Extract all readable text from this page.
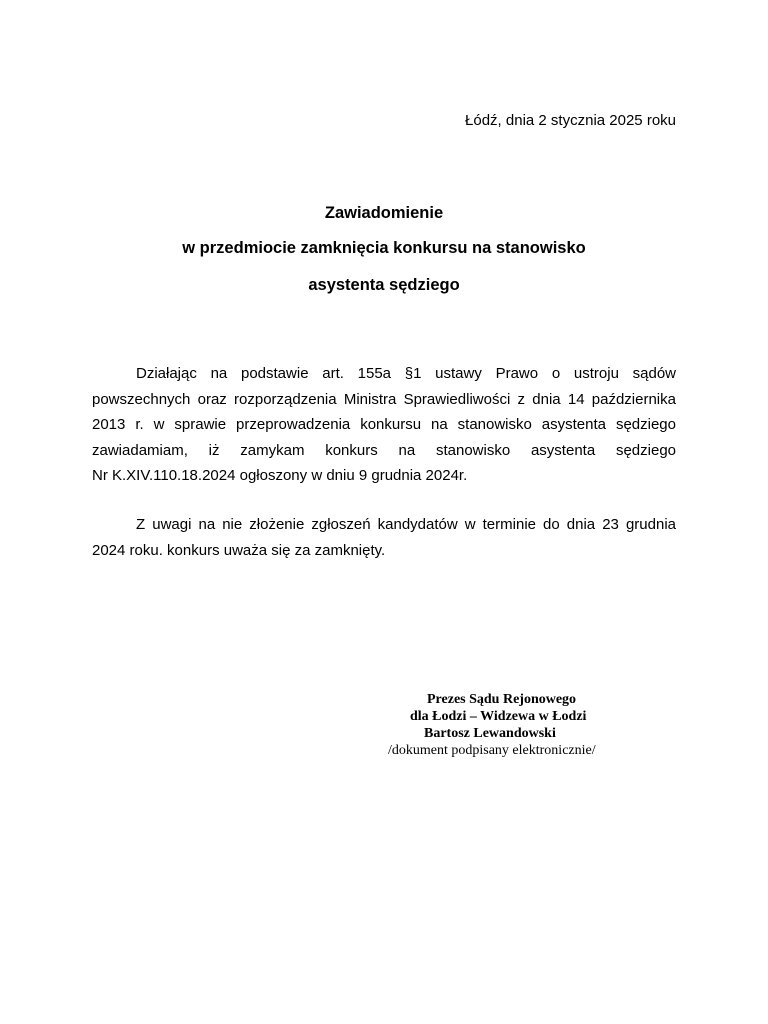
Łódź, dnia 2 stycznia 2025 roku
Zawiadomienie
w przedmiocie zamknięcia konkursu na stanowisko
asystenta sędziego
Działając na podstawie art. 155a §1 ustawy Prawo o ustroju sądów
powszechnych oraz rozporządzenia Ministra Sprawiedliwości z dnia 14 października
2013 r. w sprawie przeprowadzenia konkursu na stanowisko asystenta sędziego
zawiadamiam, iż zamykam konkurs na stanowisko asystenta sędziego
Nr K.XIV.110.18.2024 ogłoszony w dniu 9 grudnia 2024r.
Z uwagi na nie złożenie zgłoszeń kandydatów w terminie do dnia 23 grudnia
2024 roku. konkurs uważa się za zamknięty.
Prezes Sądu Rejonowego
dla Łodzi – Widzewa w Łodzi
Bartosz Lewandowski
/dokument podpisany elektronicznie/
